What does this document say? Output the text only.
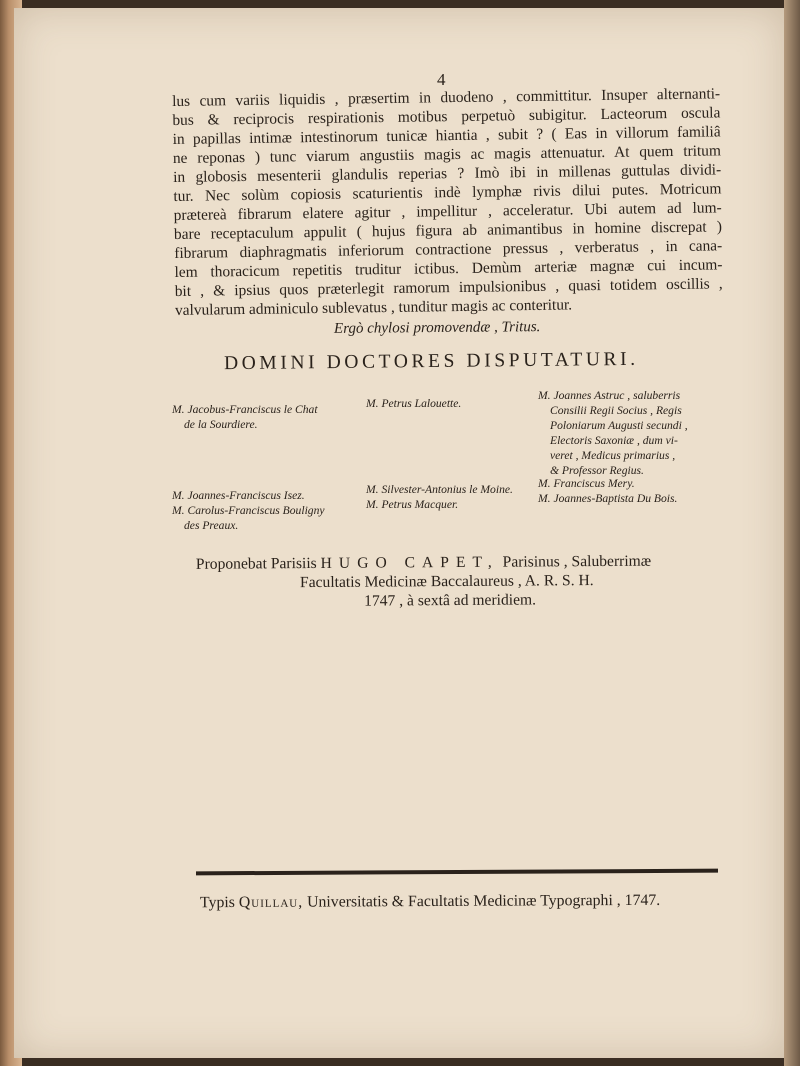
4
lus cum variis liquidis , præsertim in duodeno , committitur. Insuper alternanti-
bus & reciprocis respirationis motibus perpetuò subigitur. Lacteorum oscula
in papillas intimæ intestinorum tunicæ hiantia , subit ? ( Eas in villorum familiâ
ne reponas ) tunc viarum angustiis magis ac magis attenuatur. At quem tritum
in globosis mesenterii glandulis reperias ? Imò ibi in millenas guttulas dividi-
tur. Nec solùm copiosis scaturientis indè lymphæ rivis dilui putes. Motricum
prætereà fibrarum elatere agitur , impellitur , acceleratur. Ubi autem ad lum-
bare receptaculum appulit ( hujus figura ab animantibus in homine discrepat )
fibrarum diaphragmatis inferiorum contractione pressus , verberatus , in cana-
lem thoracicum repetitis truditur ictibus. Demùm arteriæ magnæ cui incum-
bit , & ipsius quos præterlegit ramorum impulsionibus , quasi totidem oscillis ,
valvularum adminiculo sublevatus , tunditur magis ac conteritur.
Ergò chylosi promovendæ , Tritus.
DOMINI DOCTORES DISPUTATURI.
M. Jacobus-Franciscus le Chat
de la Sourdiere.
M. Petrus Lalouette.
M. Joannes Astruc , saluberris
Consilii Regii Socius , Regis
Poloniarum Augusti secundi ,
Electoris Saxoniæ , dum vi-
veret , Medicus primarius ,
& Professor Regius.
M. Joannes-Franciscus Isez.
M. Carolus-Franciscus Bouligny
des Preaux.
M. Silvester-Antonius le Moine.
M. Petrus Macquer.
M. Franciscus Mery.
M. Joannes-Baptista Du Bois.
Proponebat Parisiis HUGO CAPET, Parisinus , Saluberrimæ
Facultatis Medicinæ Baccalaureus , A. R. S. H.
1747 , à sextâ ad meridiem.
Typis Quillau, Universitatis & Facultatis Medicinæ Typographi , 1747.
